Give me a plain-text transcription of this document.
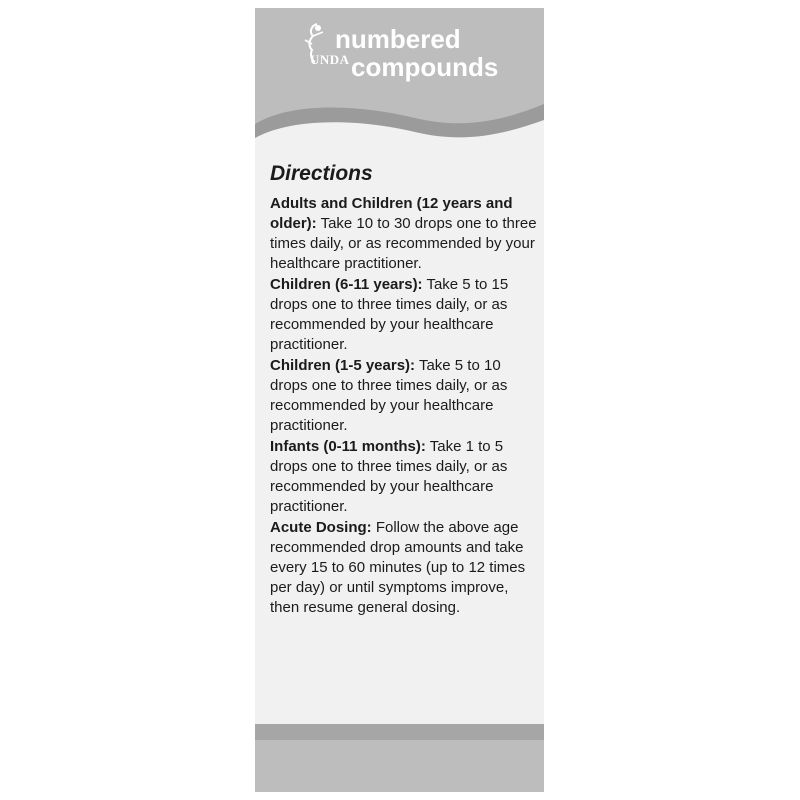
UNDA
numbered
compounds
Directions

Adults and Children (12 years and older): Take 10 to 30 drops one to three times daily, or as recommended by your healthcare practitioner.

Children (6-11 years): Take 5 to 15 drops one to three times daily, or as recommended by your healthcare practitioner.

Children (1-5 years): Take 5 to 10 drops one to three times daily, or as recommended by your healthcare practitioner.

Infants (0-11 months): Take 1 to 5 drops one to three times daily, or as recommended by your healthcare practitioner.

Acute Dosing: Follow the above age recommended drop amounts and take every 15 to 60 minutes (up to 12 times per day) or until symptoms improve, then resume general dosing.
